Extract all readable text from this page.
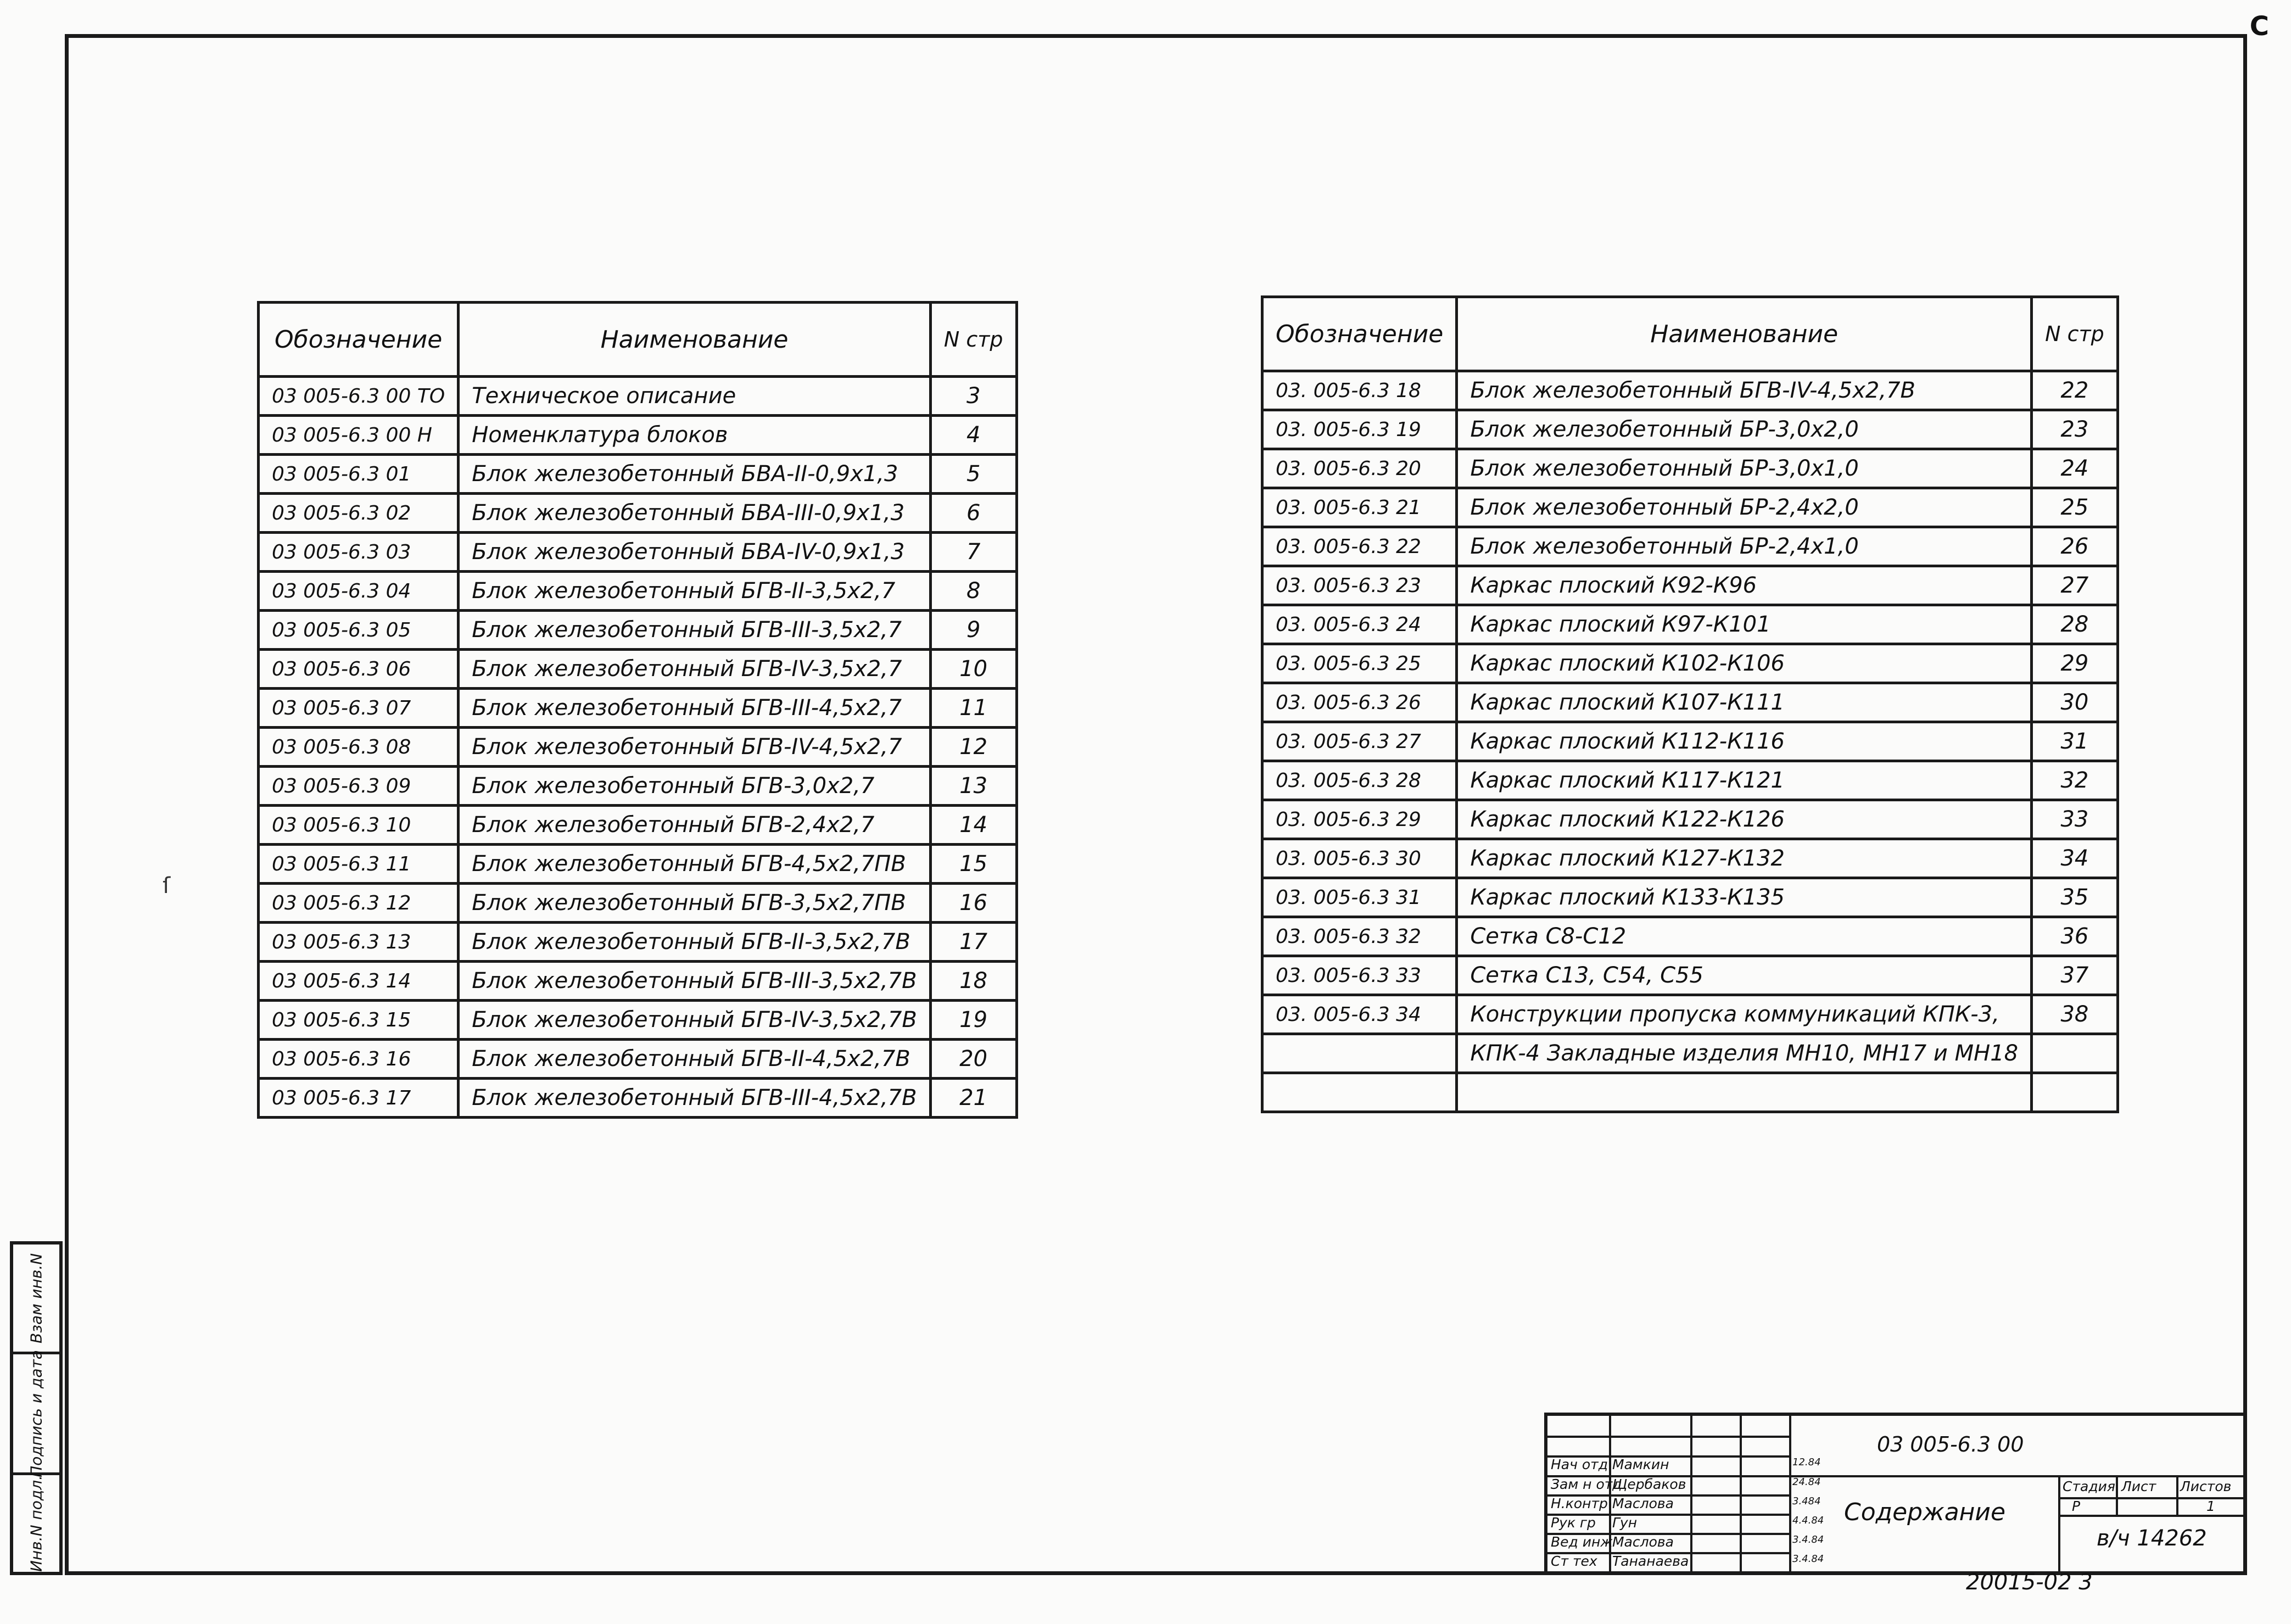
С
Обозначение	Наименование	N стр
03 005-6.3 00 ТО	Техническое описание	3
03 005-6.3 00 Н	Номенклатура блоков	4
03 005-6.3 01	Блок железобетонный БВА-II-0,9х1,3	5
03 005-6.3 02	Блок железобетонный БВА-III-0,9х1,3	6
03 005-6.3 03	Блок железобетонный БВА-IV-0,9х1,3	7
03 005-6.3 04	Блок железобетонный БГВ-II-3,5х2,7	8
03 005-6.3 05	Блок железобетонный БГВ-III-3,5х2,7	9
03 005-6.3 06	Блок железобетонный БГВ-IV-3,5х2,7	10
03 005-6.3 07	Блок железобетонный БГВ-III-4,5х2,7	11
03 005-6.3 08	Блок железобетонный БГВ-IV-4,5х2,7	12
03 005-6.3 09	Блок железобетонный БГВ-3,0х2,7	13
03 005-6.3 10	Блок железобетонный БГВ-2,4х2,7	14
03 005-6.3 11	Блок железобетонный БГВ-4,5х2,7ПВ	15
03 005-6.3 12	Блок железобетонный БГВ-3,5х2,7ПВ	16
03 005-6.3 13	Блок железобетонный БГВ-II-3,5х2,7В	17
03 005-6.3 14	Блок железобетонный БГВ-III-3,5х2,7В	18
03 005-6.3 15	Блок железобетонный БГВ-IV-3,5х2,7В	19
03 005-6.3 16	Блок железобетонный БГВ-II-4,5х2,7В	20
03 005-6.3 17	Блок железобетонный БГВ-III-4,5х2,7В	21
Обозначение	Наименование	N стр
03. 005-6.3 18	Блок железобетонный БГВ-IV-4,5х2,7В	22
03. 005-6.3 19	Блок железобетонный БР-3,0х2,0	23
03. 005-6.3 20	Блок железобетонный БР-3,0х1,0	24
03. 005-6.3 21	Блок железобетонный БР-2,4х2,0	25
03. 005-6.3 22	Блок железобетонный БР-2,4х1,0	26
03. 005-6.3 23	Каркас плоский К92-К96	27
03. 005-6.3 24	Каркас плоский К97-К101	28
03. 005-6.3 25	Каркас плоский К102-К106	29
03. 005-6.3 26	Каркас плоский К107-К111	30
03. 005-6.3 27	Каркас плоский К112-К116	31
03. 005-6.3 28	Каркас плоский К117-К121	32
03. 005-6.3 29	Каркас плоский К122-К126	33
03. 005-6.3 30	Каркас плоский К127-К132	34
03. 005-6.3 31	Каркас плоский К133-К135	35
03. 005-6.3 32	Сетка С8-С12	36
03. 005-6.3 33	Сетка С13, С54, С55	37
03. 005-6.3 34	Конструкции пропуска коммуникаций КПК-3,	38
	КПК-4 Закладные изделия МН10, МН17 и МН18	

Взам инв.N
Подпись и дата
Инв.N подл.
03 005-6.3 00
Содержание
Стадия Лист Листов
Р	1
в/ч 14262
Нач отд Мамкин	12.84
Зам н отд
Щербаков	24.84
Н.контр Маслова	3.484
Рук гр Гун	4.4.84
Вед инж Маслова	3.4.84
Ст тех Тананаева	3.4.84
20015-02 3
ſ
